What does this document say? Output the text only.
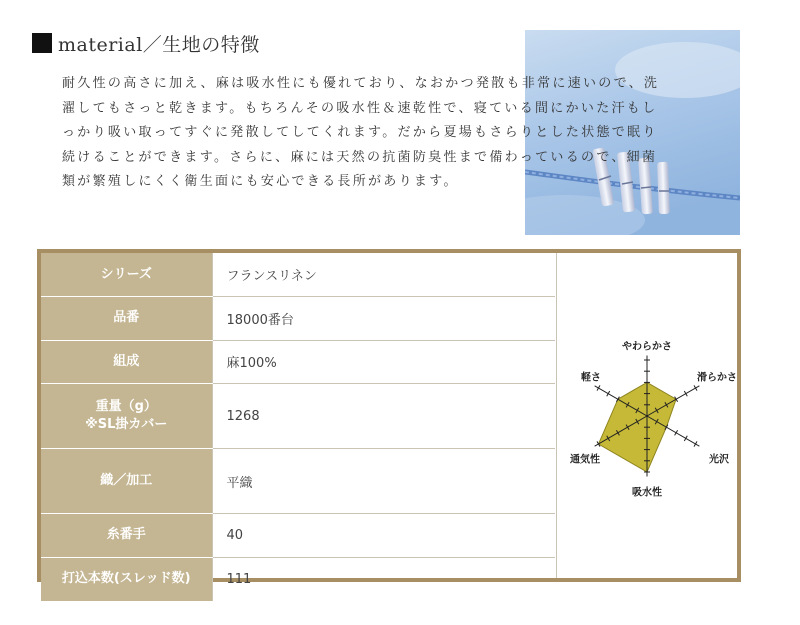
material／生地の特徴

耐久性の高さに加え、麻は吸水性にも優れており、なおかつ発散も非常に速いので、洗

濯してもさっと乾きます。もちろんその吸水性＆速乾性で、寝ている間にかいた汗もし

っかり吸い取ってすぐに発散してしてくれます。だから夏場もさらりとした状態で眠り

続けることができます。さらに、麻には天然の抗菌防臭性まで備わっているので、細菌

類が繁殖しにくく衛生面にも安心できる長所があります。

シリーズ	フランスリネン
品番	18000番台
組成	麻100%

重量（g）
※SL掛カバー	1268
織／加工	平織
糸番手	40
打込本数(スレッド数)	111
やわらかさ
滑らかさ
光沢
吸水性
通気性
軽さ
